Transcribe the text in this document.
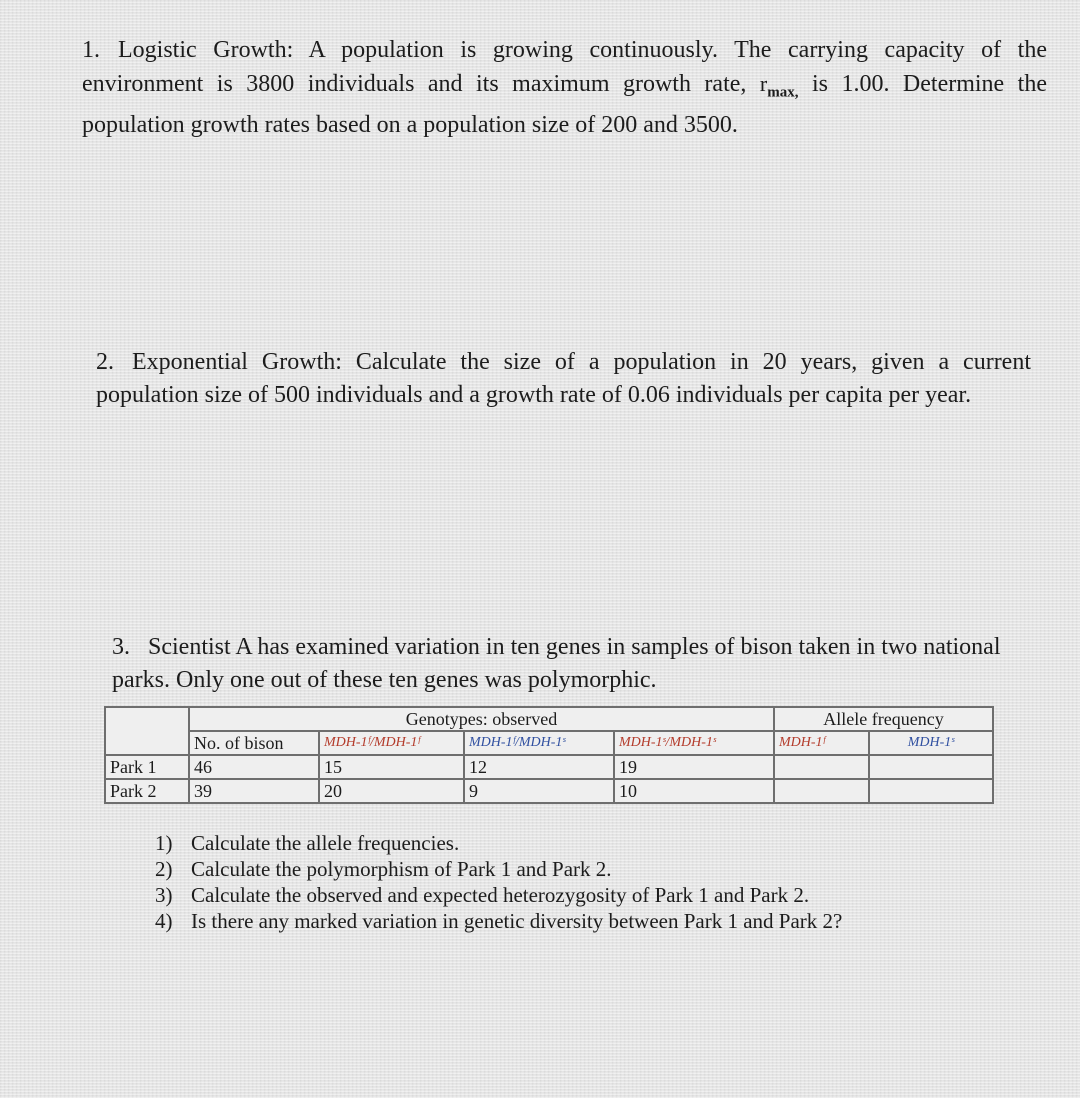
1. Logistic Growth: A population is growing continuously. The carrying capacity of the environment is 3800 individuals and its maximum growth rate, $r_{max,}$ is 1.00. Determine the population growth rates based on a population size of 200 and 3500.
2. Exponential Growth: Calculate the size of a population in 20 years, given a current population size of 500 individuals and a growth rate of 0.06 individuals per capita per year.
3. Scientist A has examined variation in ten genes in samples of bison taken in two national parks. Only one out of these ten genes was polymorphic.
	Genotypes: observed				Allele frequency	
	No. of bison	MDH-1ᶠ/MDH-1ᶠ	MDH-1ᶠ/MDH-1ˢ	MDH-1ˢ/MDH-1ˢ	MDH-1ᶠ	MDH-1ˢ
Park 1	46	15	12	19		
Park 2	39	20	9	10		
1) Calculate the allele frequencies.
2) Calculate the polymorphism of Park 1 and Park 2.
3) Calculate the observed and expected heterozygosity of Park 1 and Park 2.
4) Is there any marked variation in genetic diversity between Park 1 and Park 2?
